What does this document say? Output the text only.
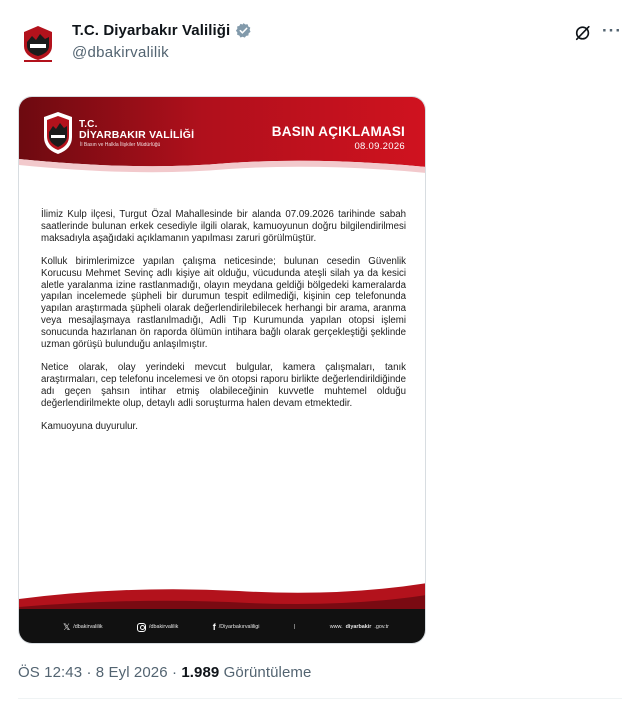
T.C. Diyarbakır Valiliği
@dbakirvalilik
···
T.C.
DİYARBAKIR VALİLİĞİ
İl Basın ve Halkla İlişkiler Müdürlüğü
BASIN AÇIKLAMASI
08.09.2026

İlimiz Kulp ilçesi, Turgut Özal Mahallesinde bir alanda 07.09.2026 tarihinde sabah saatlerinde bulunan erkek cesediyle ilgili olarak, kamuoyunun doğru bilgilendirilmesi maksadıyla aşağıdaki açıklamanın yapılması zaruri görülmüştür.

Kolluk birimlerimizce yapılan çalışma neticesinde; bulunan cesedin Güvenlik Korucusu Mehmet Sevinç adlı kişiye ait olduğu, vücudunda ateşli silah ya da kesici aletle yaralanma izine rastlanmadığı, olayın meydana geldiği bölgedeki kameralarda yapılan incelemede şüpheli bir durumun tespit edilmediği, kişinin cep telefonunda yapılan araştırmada şüpheli olarak değerlendirilebilecek herhangi bir arama, aranma veya mesajlaşmaya rastlanılmadığı, Adli Tıp Kurumunda yapılan otopsi işlemi sonucunda hazırlanan ön raporda ölümün intihara bağlı olarak gerçekleştiği şeklinde uzman görüşü bulunduğu anlaşılmıştır.

Netice olarak, olay yerindeki mevcut bulgular, kamera çalışmaları, tanık araştırmaları, cep telefonu incelemesi ve ön otopsi raporu birlikte değerlendirildiğinde adı geçen şahsın intihar etmiş olabileceğinin kuvvetle muhtemel olduğu değerlendirilmekte olup, detaylı adli soruşturma halen devam etmektedir.

Kamuoyuna duyurulur.

𝕏 /dbakirvalilik	/dbakirvalilik	f /Diyarbakırvaliligi	|	www. diyarbakir .gov.tr
ÖS 12:43 · 8 Eyl 2026 · 1.989 Görüntüleme
